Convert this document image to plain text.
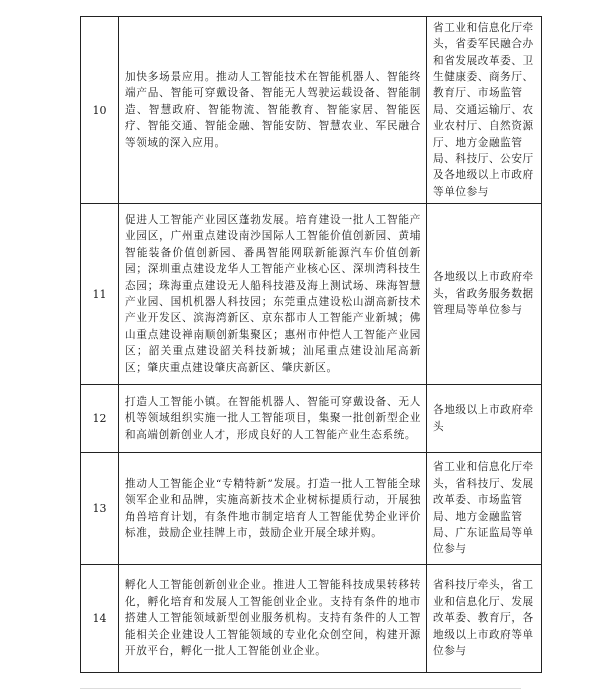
10	加快多场景应用。推动人工智能技术在智能机器人、智能终端产品、智能可穿戴设备、智能无人驾驶运载设备、智能制造、智慧政府、智能物流、智能教育、智能家居、智能医疗、智能交通、智能金融、智能安防、智慧农业、军民融合等领域的深入应用。	省工业和信息化厅牵头，省委军民融合办和省发展改革委、卫生健康委、商务厅、教育厅、市场监管局、交通运输厅、农业农村厅、自然资源厅、地方金融监管局、科技厅、公安厅及各地级以上市政府等单位参与
11	促进人工智能产业园区蓬勃发展。培育建设一批人工智能产业园区，广州重点建设南沙国际人工智能价值创新园、黄埔智能装备价值创新园、番禺智能网联新能源汽车价值创新园；深圳重点建设龙华人工智能产业核心区、深圳湾科技生态园；珠海重点建设无人船科技港及海上测试场、珠海智慧产业园、国机机器人科技园；东莞重点建设松山湖高新技术产业开发区、滨海湾新区、京东都市人工智能产业新城；佛山重点建设禅南顺创新集聚区；惠州市仲恺人工智能产业园区；韶关重点建设韶关科技新城；汕尾重点建设汕尾高新区；肇庆重点建设肇庆高新区、肇庆新区。	各地级以上市政府牵头，省政务服务数据管理局等单位参与
12	打造人工智能小镇。在智能机器人、智能可穿戴设备、无人机等领域组织实施一批人工智能项目，集聚一批创新型企业和高端创新创业人才，形成良好的人工智能产业生态系统。	各地级以上市政府牵头
13	推动人工智能企业“专精特新”发展。打造一批人工智能全球领军企业和品牌，实施高新技术企业树标提质行动，开展独角兽培育计划，有条件地市制定培育人工智能优势企业评价标准，鼓励企业挂牌上市，鼓励企业开展全球并购。	省工业和信息化厅牵头，省科技厅、发展改革委、市场监管局、地方金融监管局、广东证监局等单位参与
14	孵化人工智能创新创业企业。推进人工智能科技成果转移转化，孵化培育和发展人工智能创业企业。支持有条件的地市搭建人工智能领域新型创业服务机构。支持有条件的人工智能相关企业建设人工智能领域的专业化众创空间，构建开源开放平台，孵化一批人工智能创业企业。	省科技厅牵头，省工业和信息化厅、发展改革委、教育厅，各地级以上市政府等单位参与
